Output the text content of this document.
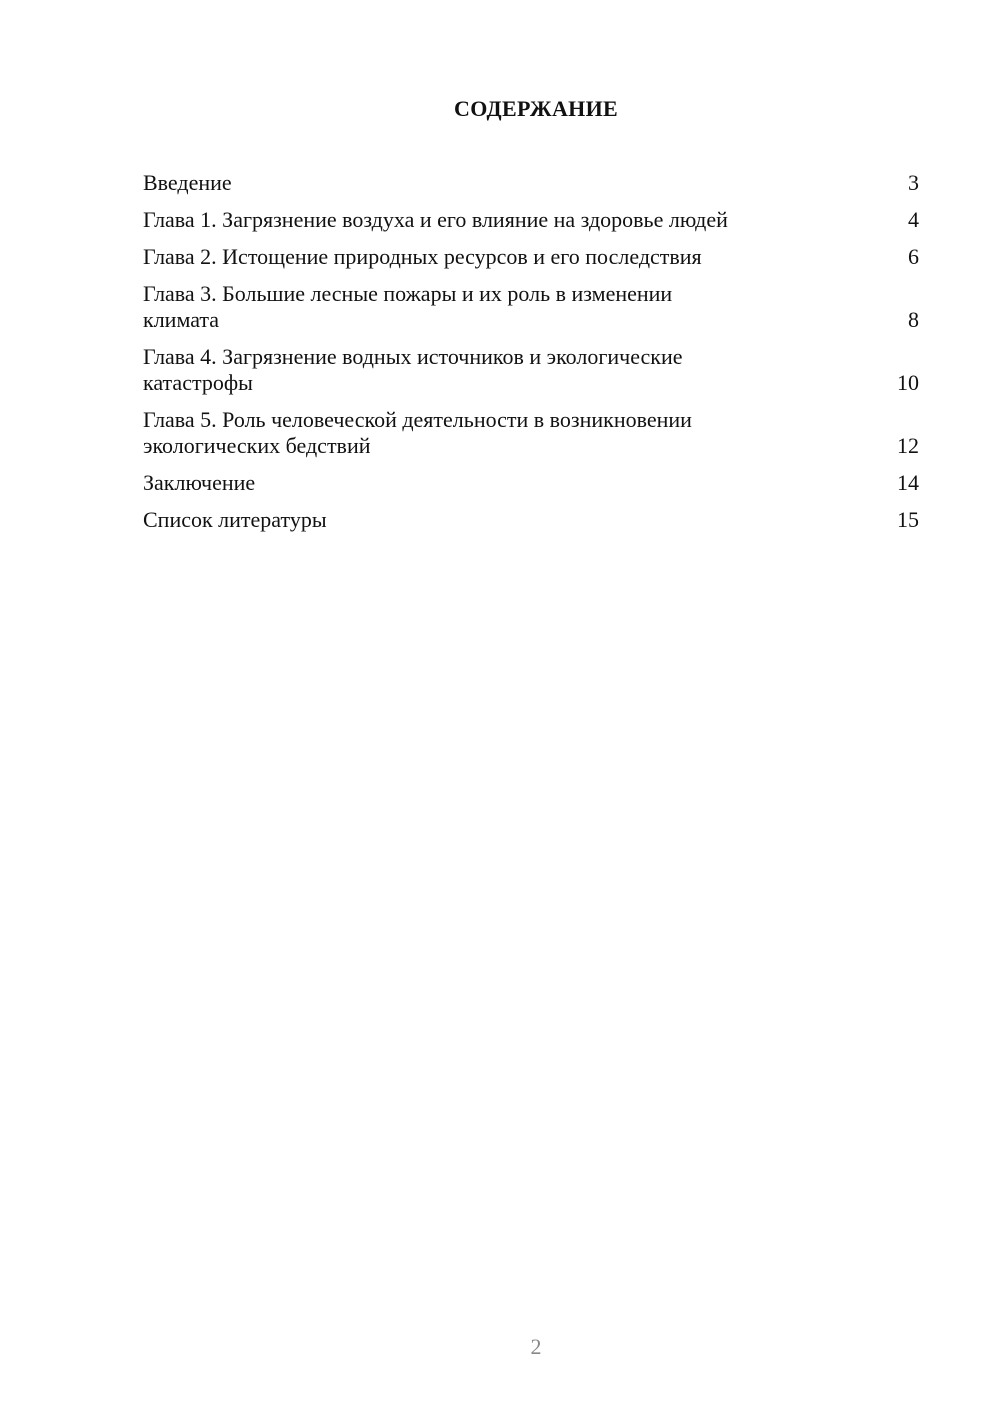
СОДЕРЖАНИЕ
Введение	3
Глава 1. Загрязнение воздуха и его влияние на здоровье людей	4
Глава 2. Истощение природных ресурсов и его последствия	6
Глава 3. Большие лесные пожары и их роль в изменении
климата	8
Глава 4. Загрязнение водных источников и экологические
катастрофы	10
Глава 5. Роль человеческой деятельности в возникновении
экологических бедствий	12
Заключение	14
Список литературы	15
2
